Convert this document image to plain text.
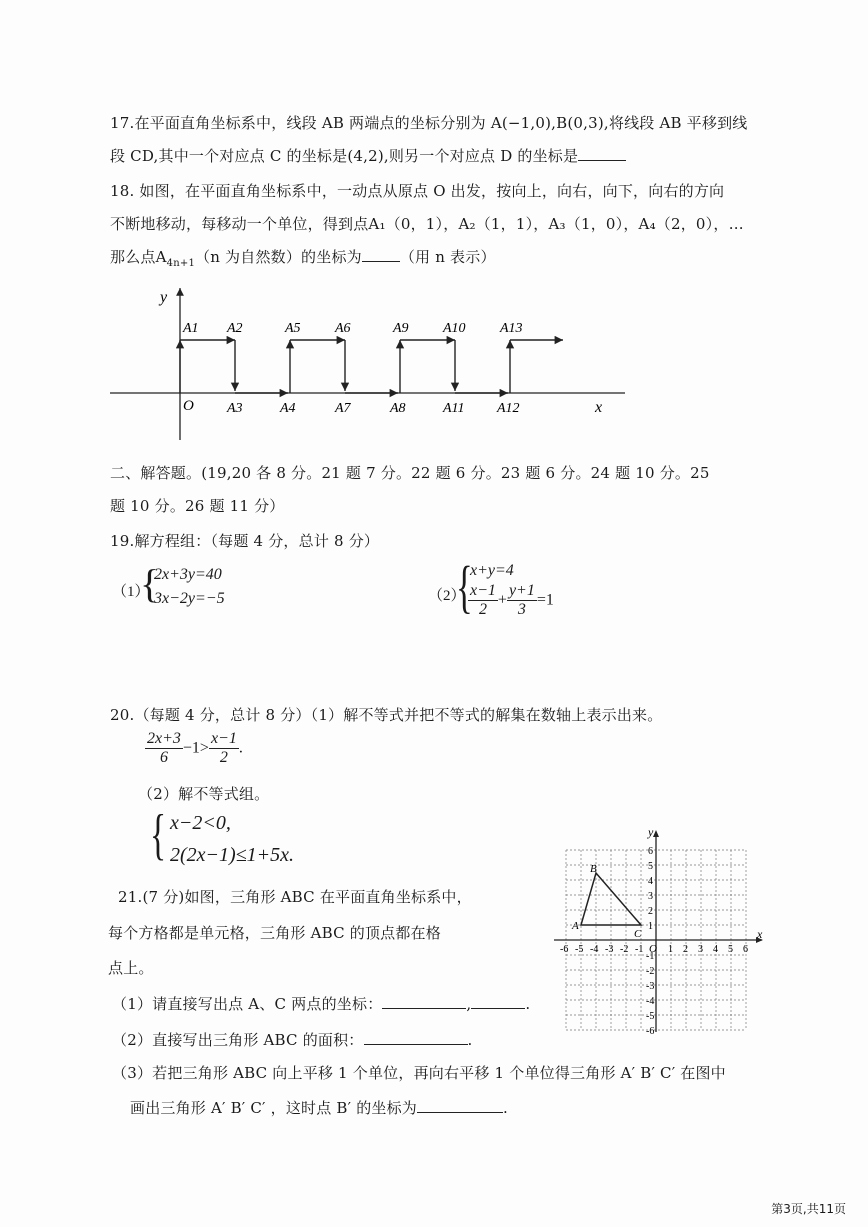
17.在平面直角坐标系中，线段 AB 两端点的坐标分别为 A(−1,0),B(0,3),将线段 AB 平移到线
段 CD,其中一个对应点 C 的坐标是(4,2),则另一个对应点 D 的坐标是
18. 如图，在平面直角坐标系中，一动点从原点 O 出发，按向上，向右，向下，向右的方向
不断地移动，每移动一个单位，得到点A₁（0，1），A₂（1，1），A₃（1，0），A₄（2，0），…
那么点$A_{4n+1}(n$ 为自然数）的坐标为	（用 n 表示）
y
x
O
A1 A2	A5 A6	A9 A10 A13
A3	A4	A7	A8	A11 A12
二、解答题。(19,20 各 8 分。21 题 7 分。22 题 6 分。23 题 6 分。24 题 10 分。25
题 10 分。26 题 11 分）
19.解方程组：（每题 4 分，总计 8 分）
（1）
{
2x+3y=40
3x−2y=−5	（2）
{
x+y=4
$\frac{x-1}{2} + \frac{y+1}{3} =1$
20.（每题 4 分，总计 8 分）（1）解不等式并把不等式的解集在数轴上表示出来。
$\frac{2x+3}{6} -1> \frac{x-1}{2}$ .
（2）解不等式组。
{ x−2<0,
2(2x−1)≤1+5x.
21.(7 分)如图，三角形 ABC 在平面直角坐标系中，
每个方格都是单元格，三角形 ABC 的顶点都在格
点上。
（1）请直接写出点 A、C 两点的坐标：	,	.
（2）直接写出三角形 ABC 的面积：	.
（3）若把三角形 ABC 向上平移 1 个单位，再向右平移 1 个单位得三角形 A′ B′ C′ 在图中
画出三角形 A′ B′ C′ ，这时点 B′ 的坐标为	.
-6 -5 -4 -3 -2 -1 1 2 3 4 5 6
6
5
4
3
2
1
-1
-2
-3
-4
-5
-6
x
y
O
A
B
C
第3页,共11页
